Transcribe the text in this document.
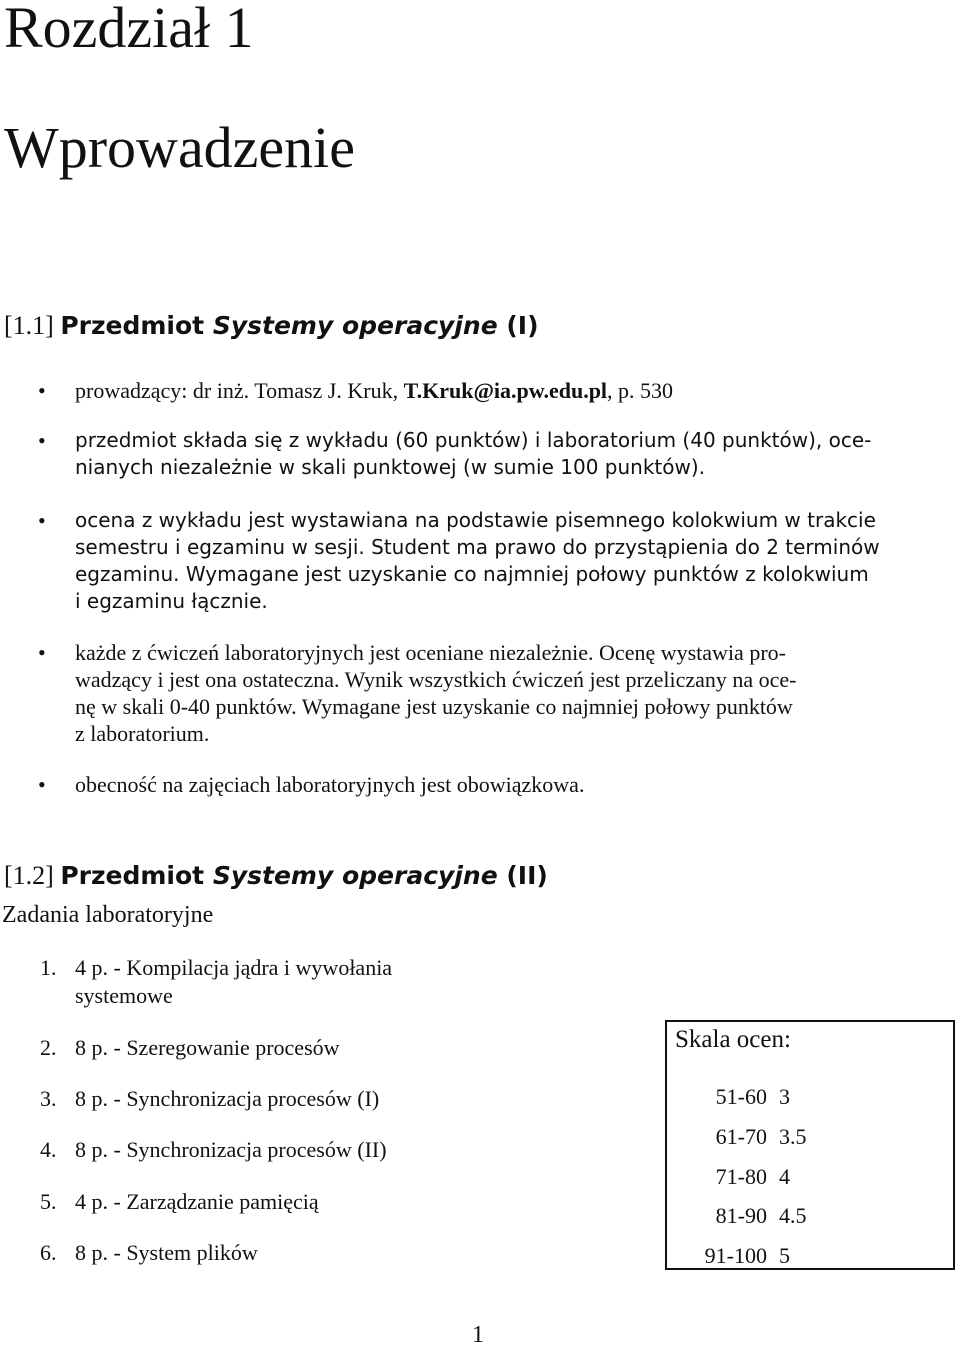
Rozdział 1
Wprowadzenie
[1.1] Przedmiot Systemy operacyjne (I)
• prowadzący: dr inż. Tomasz J. Kruk, T.Kruk@ia.pw.edu.pl, p. 530
• przedmiot składa się z wykładu (60 punktów) i laboratorium (40 punktów), oce-
nianych niezależnie w skali punktowej (w sumie 100 punktów).
• ocena z wykładu jest wystawiana na podstawie pisemnego kolokwium w trakcie
semestru i egzaminu w sesji. Student ma prawo do przystąpienia do 2 terminów
egzaminu. Wymagane jest uzyskanie co najmniej połowy punktów z kolokwium
i egzaminu łącznie.
• każde z ćwiczeń laboratoryjnych jest oceniane niezależnie. Ocenę wystawia pro-
wadzący i jest ona ostateczna. Wynik wszystkich ćwiczeń jest przeliczany na oce-
nę w skali 0-40 punktów. Wymagane jest uzyskanie co najmniej połowy punktów
z laboratorium.
• obecność na zajęciach laboratoryjnych jest obowiązkowa.
[1.2] Przedmiot Systemy operacyjne (II)
Zadania laboratoryjne
1. 4 p. - Kompilacja jądra i wywołania
systemowe
2. 8 p. - Szeregowanie procesów
3. 8 p. - Synchronizacja procesów (I)
4. 8 p. - Synchronizacja procesów (II)
5. 4 p. - Zarządzanie pamięcią
6. 8 p. - System plików
Skala ocen:
51-60 3
61-70 3.5
71-80 4
81-90 4.5
91-100 5
1
